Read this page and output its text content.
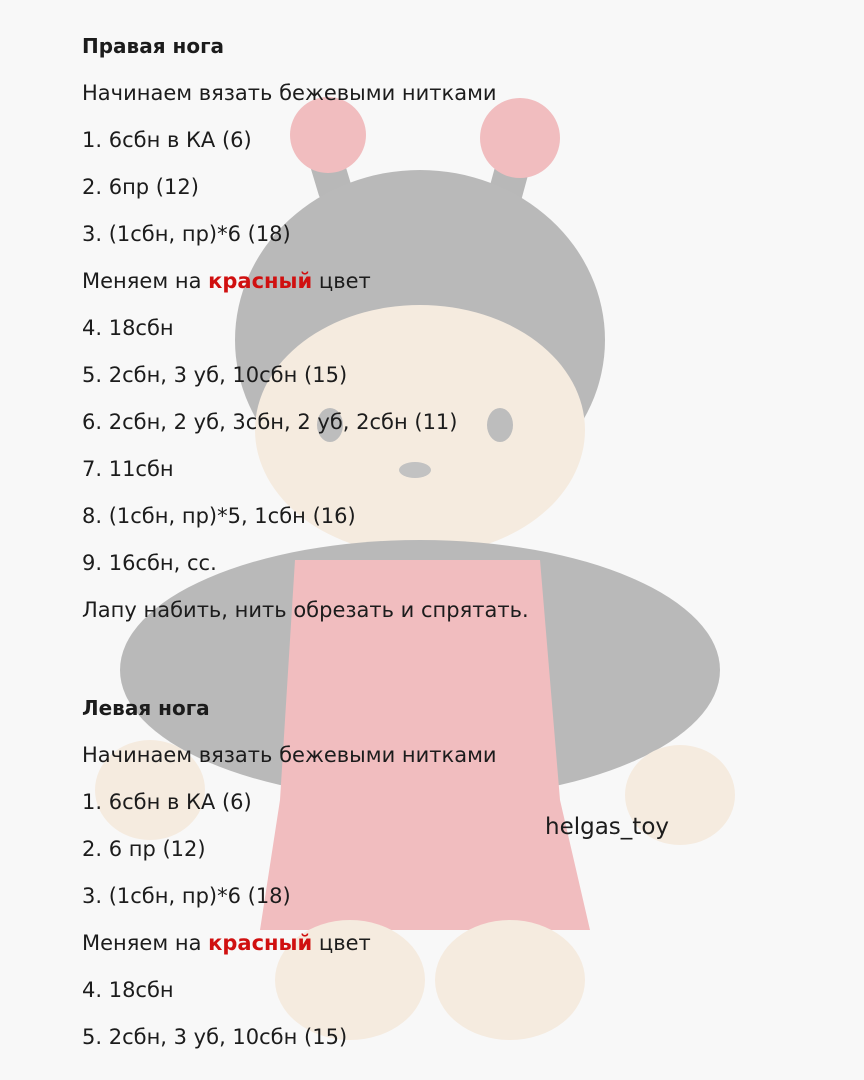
Правая нога
Начинаем вязать бежевыми нитками
1. 6сбн в КА (6)
2. 6пр (12)
3. (1сбн, пр)*6 (18)
Меняем на красный цвет
4. 18сбн
5. 2сбн, 3 уб, 10сбн (15)
6. 2сбн, 2 уб, 3сбн, 2 уб, 2сбн (11)
7. 11сбн
8. (1сбн, пр)*5, 1сбн (16)
9. 16сбн, сс.
Лапу набить, нить обрезать и спрятать.
Левая нога
Начинаем вязать бежевыми нитками
1. 6сбн в КА (6)
2. 6 пр (12)
3. (1сбн, пр)*6 (18)
Меняем на красный цвет
4. 18сбн
5. 2сбн, 3 уб, 10сбн (15)
helgas_toy
